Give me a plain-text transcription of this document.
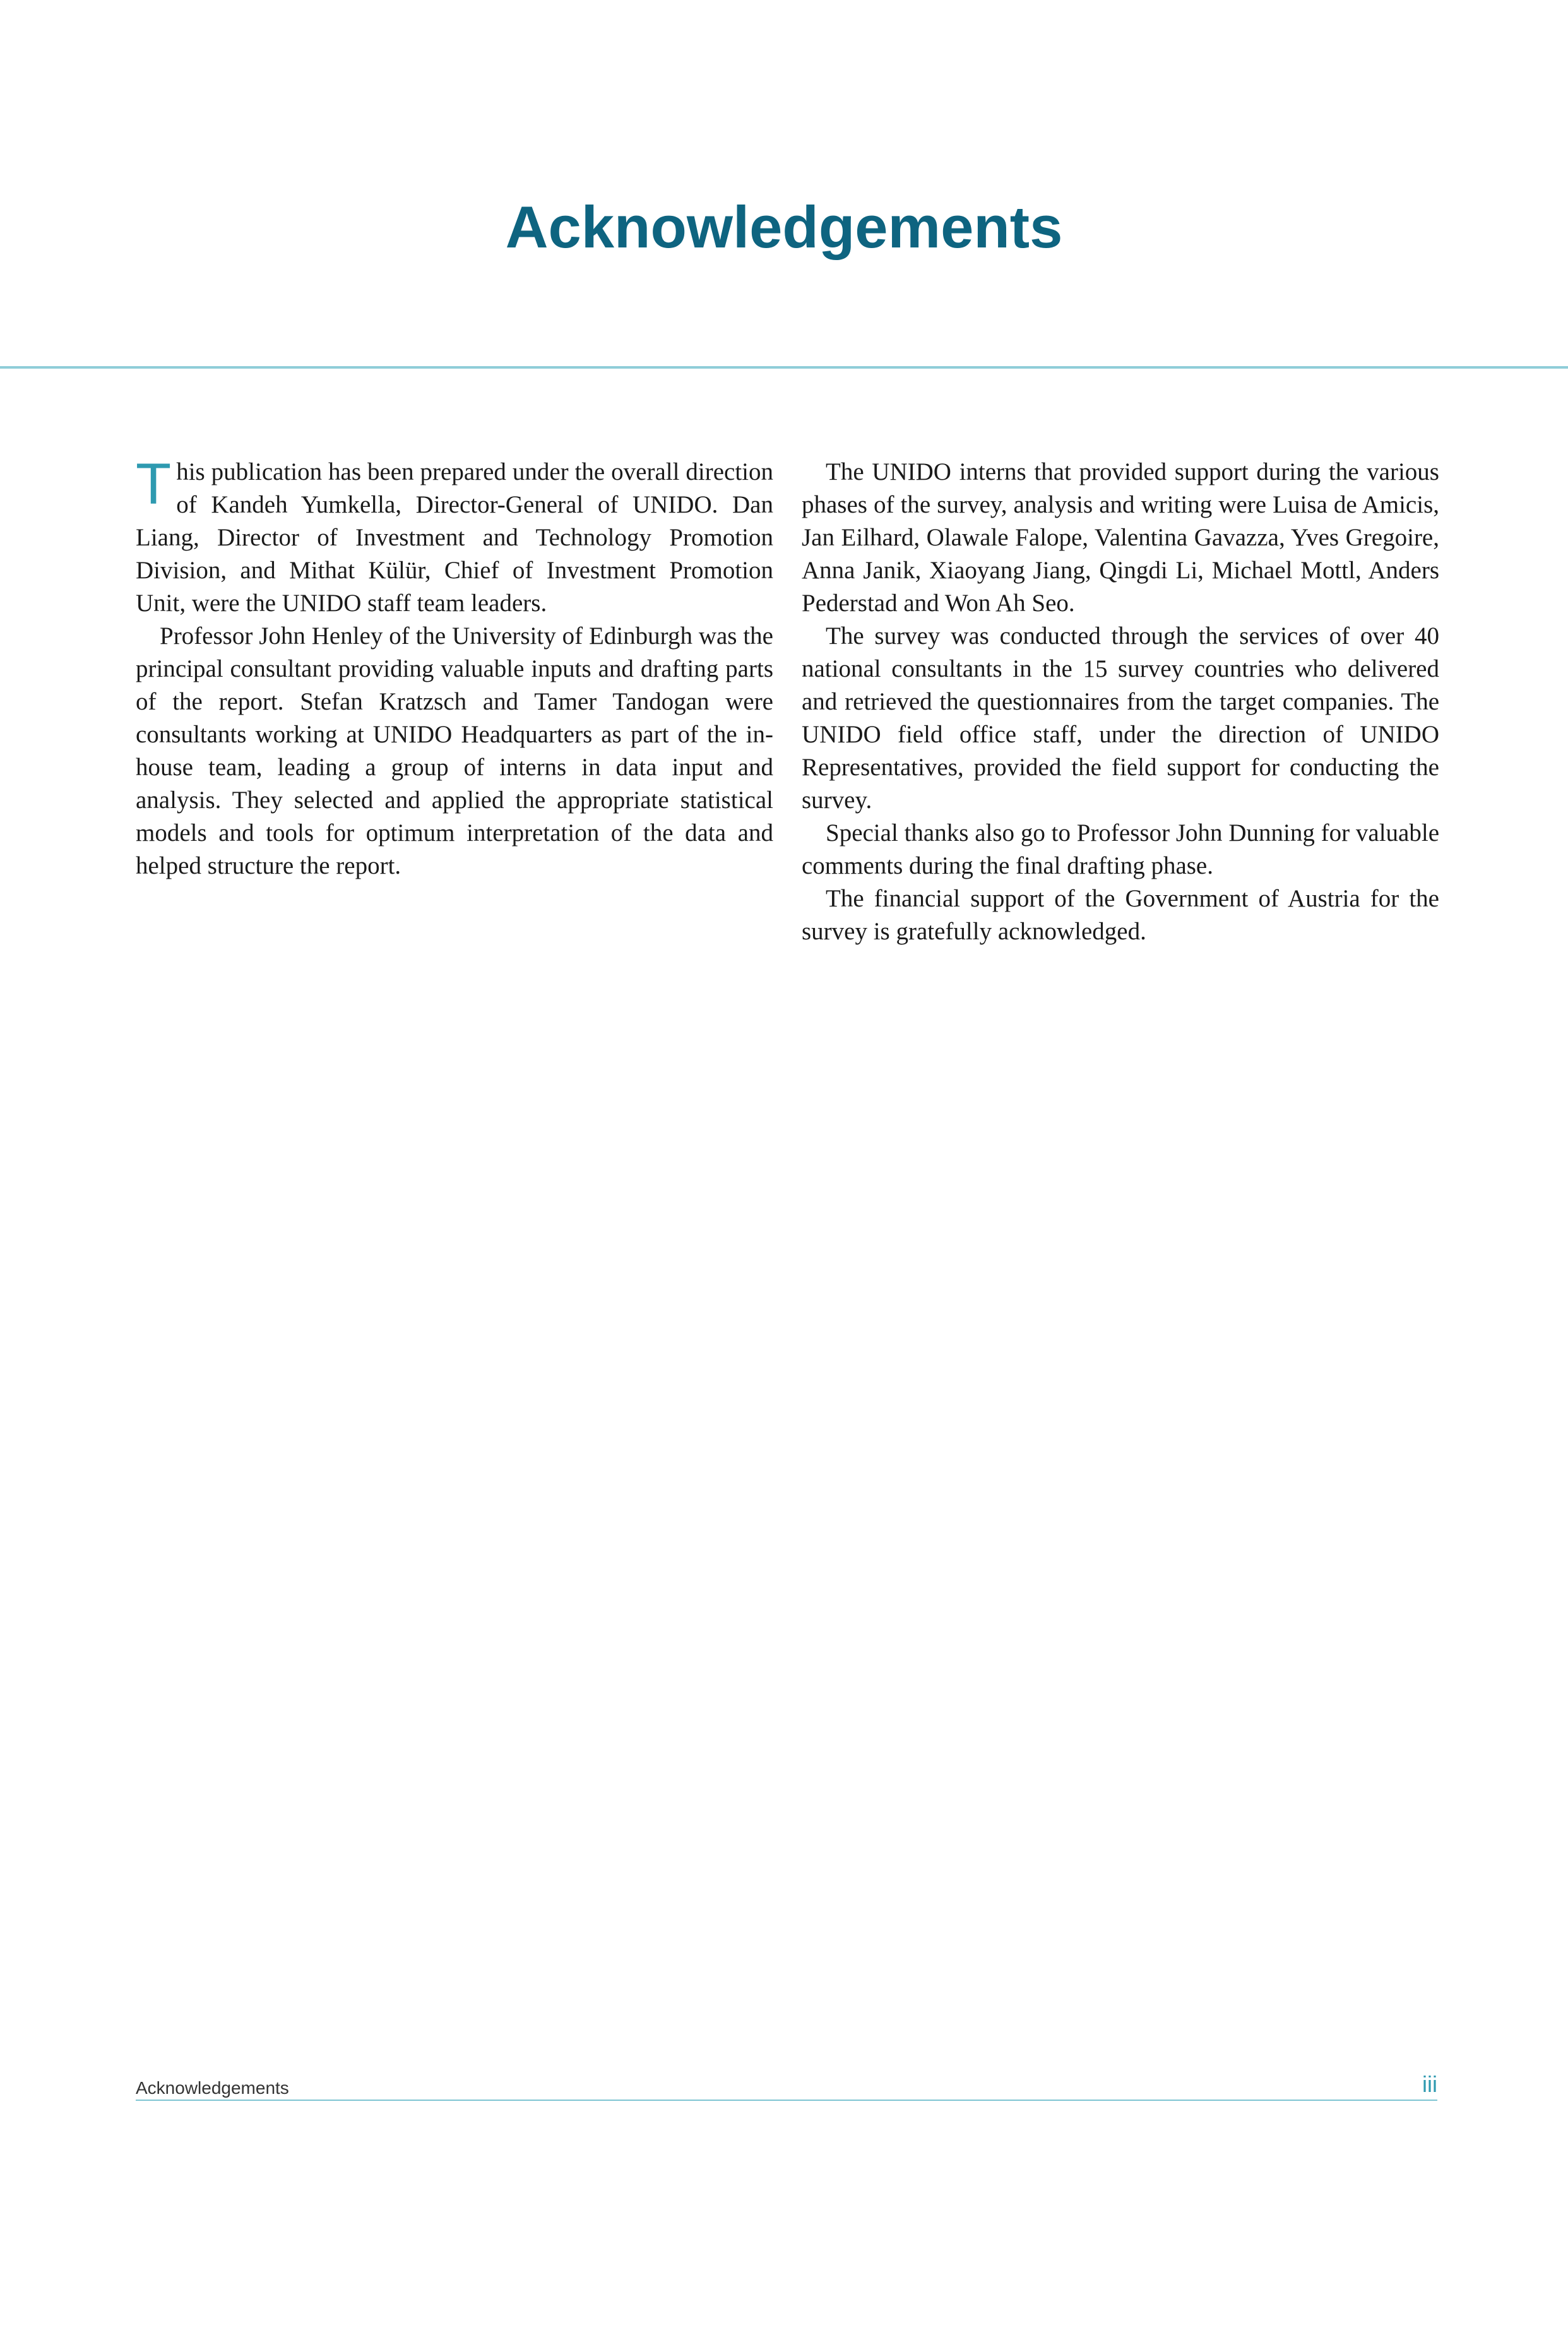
Acknowledgements

This publication has been prepared under the overall direction of Kandeh Yumkella, Director-General of UNIDO. Dan Liang, Director of Investment and Technology Promotion Division, and Mithat Külür, Chief of Investment Promotion Unit, were the UNIDO staff team leaders.

Professor John Henley of the University of Edinburgh was the principal consultant providing valuable inputs and drafting parts of the report. Stefan Kratzsch and Tamer Tandogan were consultants working at UNIDO Headquarters as part of the in-house team, leading a group of interns in data input and analysis. They selected and applied the appropriate statistical models and tools for optimum interpretation of the data and helped structure the report.

The UNIDO interns that provided support during the various phases of the survey, analysis and writing were Luisa de Amicis, Jan Eilhard, Olawale Falope, Valentina Gavazza, Yves Gregoire, Anna Janik, Xiaoyang Jiang, Qingdi Li, Michael Mottl, Anders Pederstad and Won Ah Seo.

The survey was conducted through the services of over 40 national consultants in the 15 survey countries who delivered and retrieved the questionnaires from the target companies. The UNIDO field office staff, under the direction of UNIDO Representatives, provided the field support for conducting the survey.

Special thanks also go to Professor John Dunning for valuable comments during the final drafting phase.

The financial support of the Government of Austria for the survey is gratefully acknowledged.

Acknowledgements	iii
